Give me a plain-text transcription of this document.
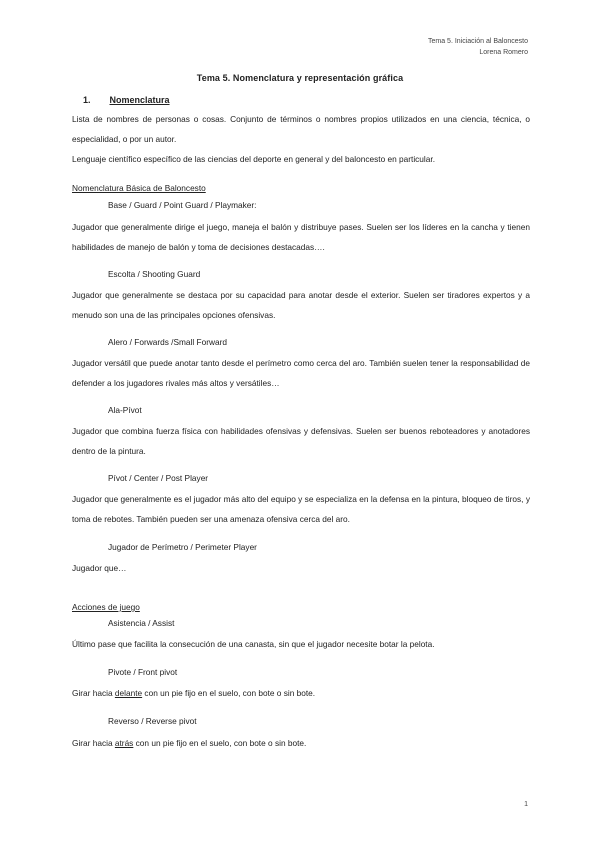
Tema 5. Iniciación al Baloncesto
Lorena Romero
Tema 5. Nomenclatura y representación gráfica
1. Nomenclatura
Lista de nombres de personas o cosas. Conjunto de términos o nombres propios utilizados en una ciencia, técnica, o especialidad, o por un autor.
Lenguaje científico específico de las ciencias del deporte en general y del baloncesto en particular.
Nomenclatura Básica de Baloncesto
Base / Guard / Point Guard / Playmaker:
Jugador que generalmente dirige el juego, maneja el balón y distribuye pases. Suelen ser los líderes en la cancha y tienen habilidades de manejo de balón y toma de decisiones destacadas….
Escolta / Shooting Guard
Jugador que generalmente se destaca por su capacidad para anotar desde el exterior. Suelen ser tiradores expertos y a menudo son una de las principales opciones ofensivas.
Alero / Forwards /Small Forward
Jugador versátil que puede anotar tanto desde el perímetro como cerca del aro. También suelen tener la responsabilidad de defender a los jugadores rivales más altos y versátiles…
Ala-Pívot
Jugador que combina fuerza física con habilidades ofensivas y defensivas. Suelen ser buenos reboteadores y anotadores dentro de la pintura.
Pívot / Center / Post Player
Jugador que generalmente es el jugador más alto del equipo y se especializa en la defensa en la pintura, bloqueo de tiros, y toma de rebotes. También pueden ser una amenaza ofensiva cerca del aro.
Jugador de Perímetro / Perimeter Player
Jugador que…
Acciones de juego
Asistencia / Assist
Último pase que facilita la consecución de una canasta, sin que el jugador necesite botar la pelota.
Pivote / Front pivot
Girar hacia delante con un pie fijo en el suelo, con bote o sin bote.
Reverso / Reverse pivot
Girar hacia atrás con un pie fijo en el suelo, con bote o sin bote.
1
